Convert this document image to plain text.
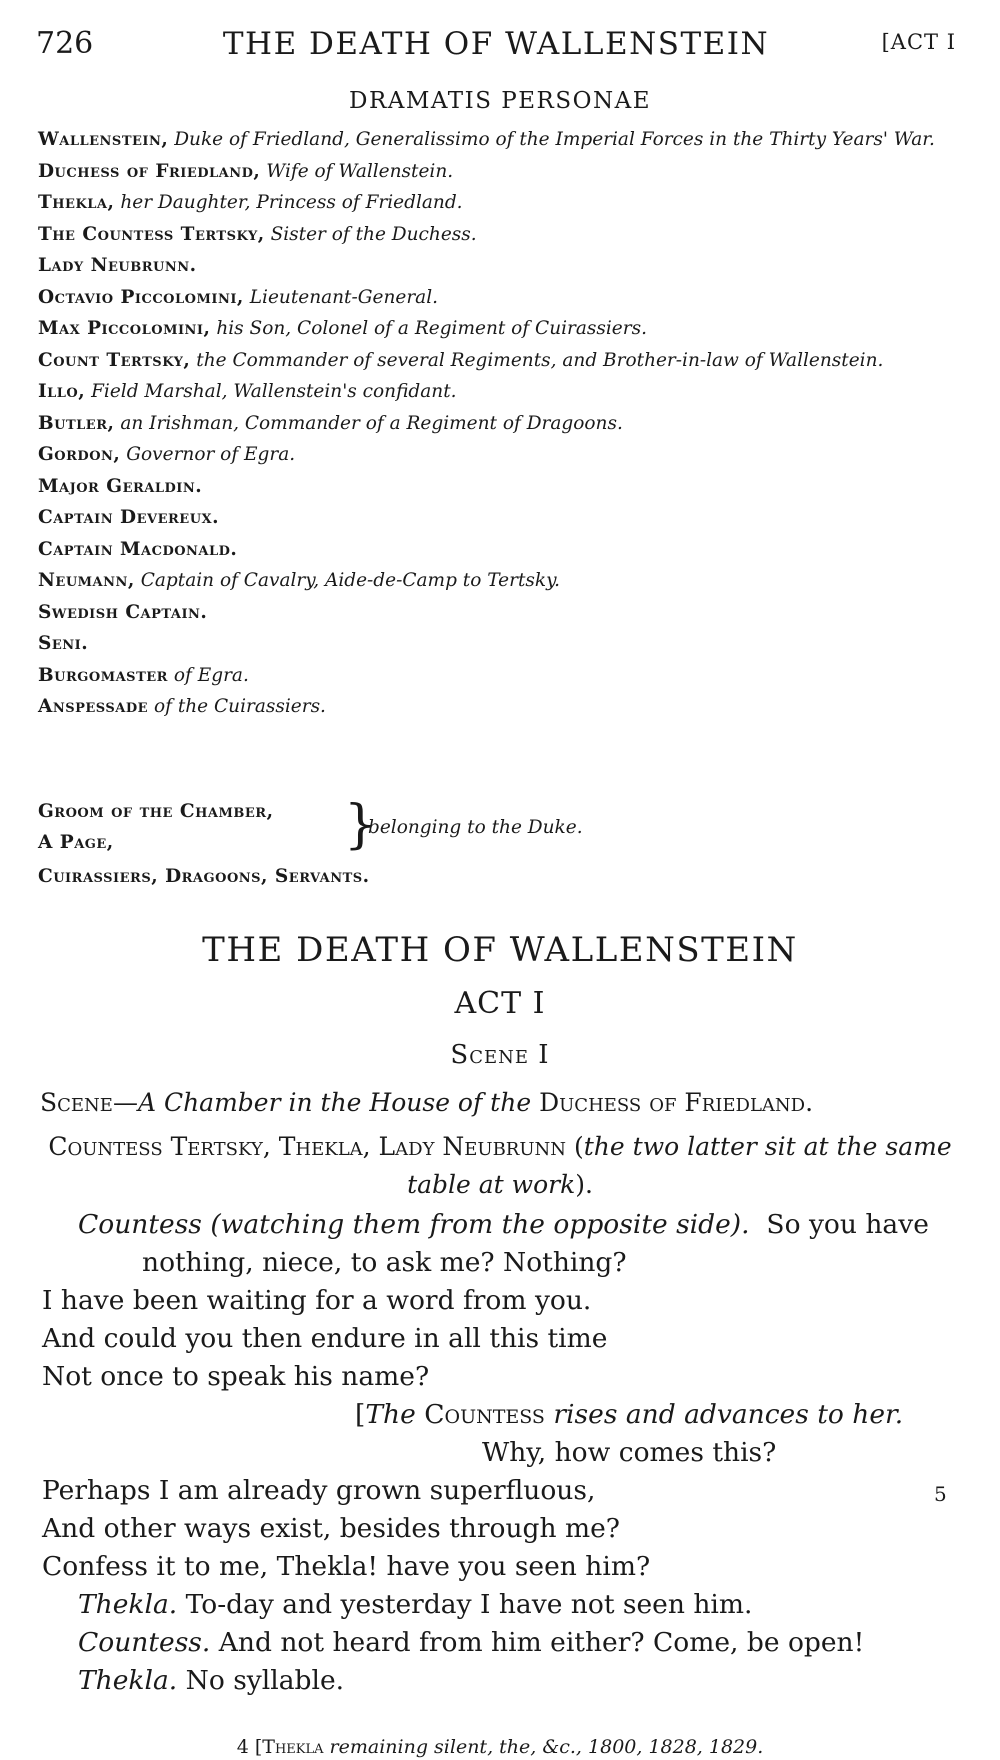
726	THE DEATH OF WALLENSTEIN	[ACT I
DRAMATIS PERSONAE
Wallenstein, Duke of Friedland, Generalissimo of the Imperial Forces in the Thirty Years' War.
Duchess of Friedland, Wife of Wallenstein.
Thekla, her Daughter, Princess of Friedland.
The Countess Tertsky, Sister of the Duchess.
Lady Neubrunn.
Octavio Piccolomini, Lieutenant-General.
Max Piccolomini, his Son, Colonel of a Regiment of Cuirassiers.
Count Tertsky, the Commander of several Regiments, and Brother-in-law of Wallenstein.
Illo, Field Marshal, Wallenstein's confidant.
Butler, an Irishman, Commander of a Regiment of Dragoons.
Gordon, Governor of Egra.
Major Geraldin.
Captain Devereux.
Captain Macdonald.
Neumann, Captain of Cavalry, Aide-de-Camp to Tertsky.
Swedish Captain.
Seni.
Burgomaster of Egra.
Anspessade of the Cuirassiers.
Groom of the Chamber,
A Page,	}
belonging to the Duke.
Cuirassiers, Dragoons, Servants.
THE DEATH OF WALLENSTEIN
ACT I
Scene I
Scene—A Chamber in the House of the Duchess of Friedland.
Countess Tertsky, Thekla, Lady Neubrunn (the two latter sit at the same table at work).
Countess (watching them from the opposite side). So you have
nothing, niece, to ask me? Nothing?
I have been waiting for a word from you.
And could you then endure in all this time
Not once to speak his name?
[The Countess rises and advances to her.
Why, how comes this?
Perhaps I am already grown superfluous,	5
And other ways exist, besides through me?
Confess it to me, Thekla! have you seen him?
Thekla. To-day and yesterday I have not seen him.
Countess. And not heard from him either? Come, be open!
Thekla. No syllable.
4 [Thekla remaining silent, the, &c., 1800, 1828, 1829.
